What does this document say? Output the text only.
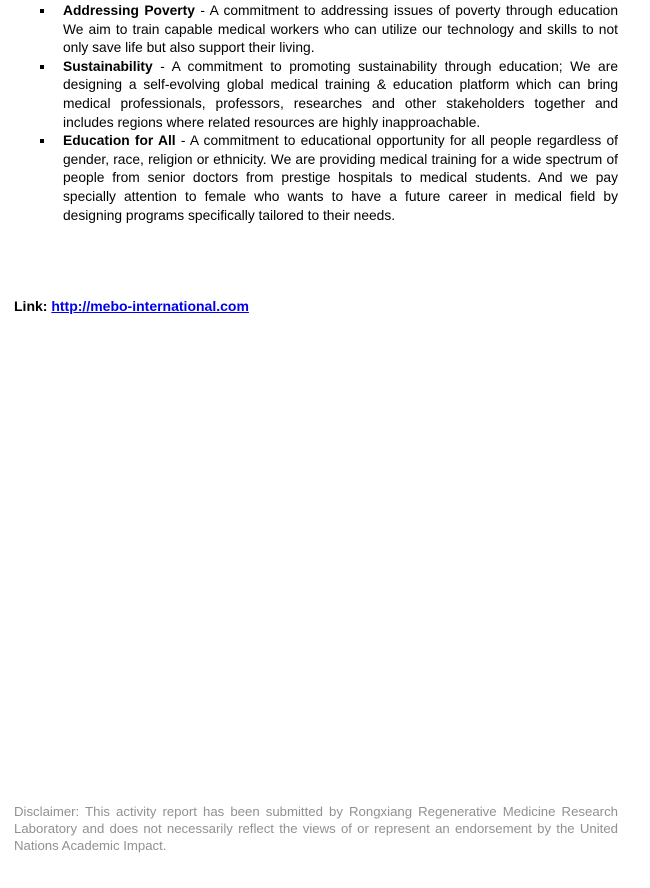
Addressing Poverty - A commitment to addressing issues of poverty through education We aim to train capable medical workers who can utilize our technology and skills to not only save life but also support their living.
Sustainability - A commitment to promoting sustainability through education; We are designing a self-evolving global medical training & education platform which can bring medical professionals, professors, researches and other stakeholders together and includes regions where related resources are highly inapproachable.
Education for All - A commitment to educational opportunity for all people regardless of gender, race, religion or ethnicity. We are providing medical training for a wide spectrum of people from senior doctors from prestige hospitals to medical students. And we pay specially attention to female who wants to have a future career in medical field by designing programs specifically tailored to their needs.
Link: http://mebo-international.com
Disclaimer: This activity report has been submitted by Rongxiang Regenerative Medicine Research Laboratory and does not necessarily reflect the views of or represent an endorsement by the United Nations Academic Impact.
